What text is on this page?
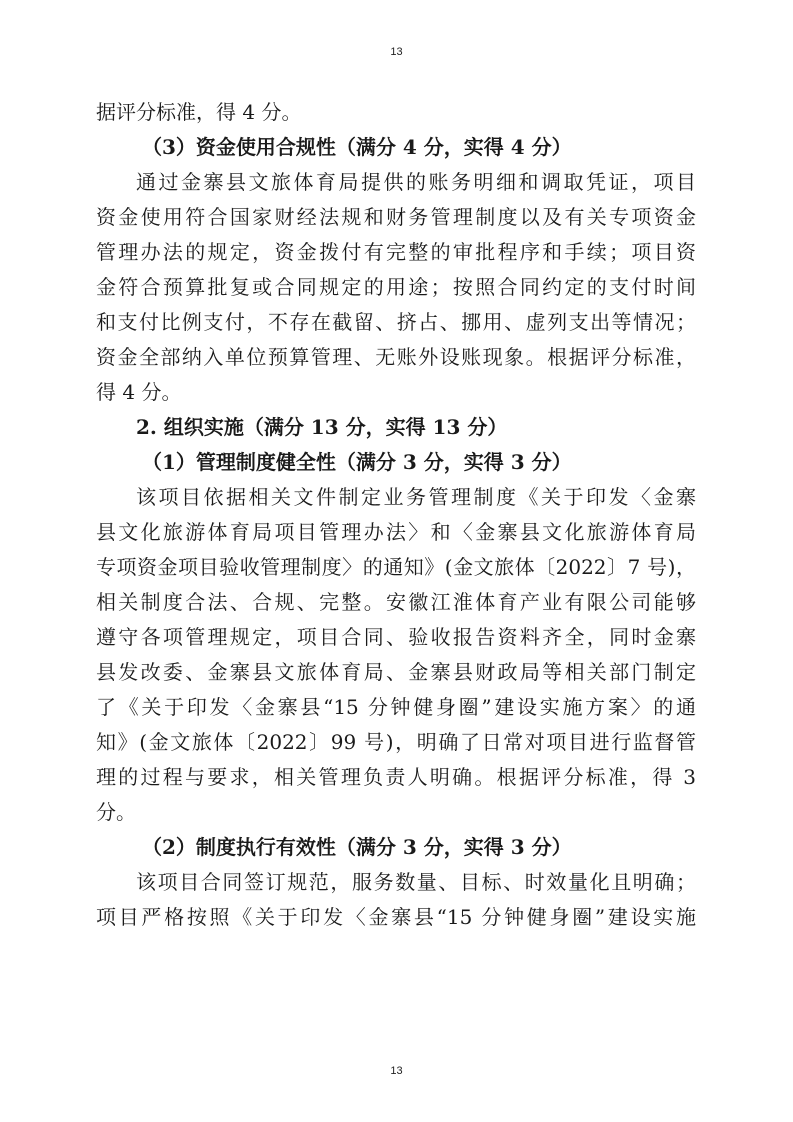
13
据评分标准，得 4 分。
（3）资金使用合规性（满分 4 分，实得 4 分）
通过金寨县文旅体育局提供的账务明细和调取凭证，项目
资金使用符合国家财经法规和财务管理制度以及有关专项资金
管理办法的规定，资金拨付有完整的审批程序和手续；项目资
金符合预算批复或合同规定的用途；按照合同约定的支付时间
和支付比例支付，不存在截留、挤占、挪用、虚列支出等情况；
资金全部纳入单位预算管理、无账外设账现象。根据评分标准，
得 4 分。
2. 组织实施（满分 13 分，实得 13 分）
（1）管理制度健全性（满分 3 分，实得 3 分）
该项目依据相关文件制定业务管理制度《关于印发〈金寨
县文化旅游体育局项目管理办法〉和〈金寨县文化旅游体育局
专项资金项目验收管理制度〉的通知》(金文旅体〔2022〕7 号)，
相关制度合法、合规、完整。安徽江淮体育产业有限公司能够
遵守各项管理规定，项目合同、验收报告资料齐全，同时金寨
县发改委、金寨县文旅体育局、金寨县财政局等相关部门制定
了《关于印发〈金寨县“15 分钟健身圈”建设实施方案〉的通
知》(金文旅体〔2022〕99 号)，明确了日常对项目进行监督管
理的过程与要求，相关管理负责人明确。根据评分标准，得 3
分。
（2）制度执行有效性（满分 3 分，实得 3 分）
该项目合同签订规范，服务数量、目标、时效量化且明确；
项目严格按照《关于印发〈金寨县“15 分钟健身圈”建设实施
13
